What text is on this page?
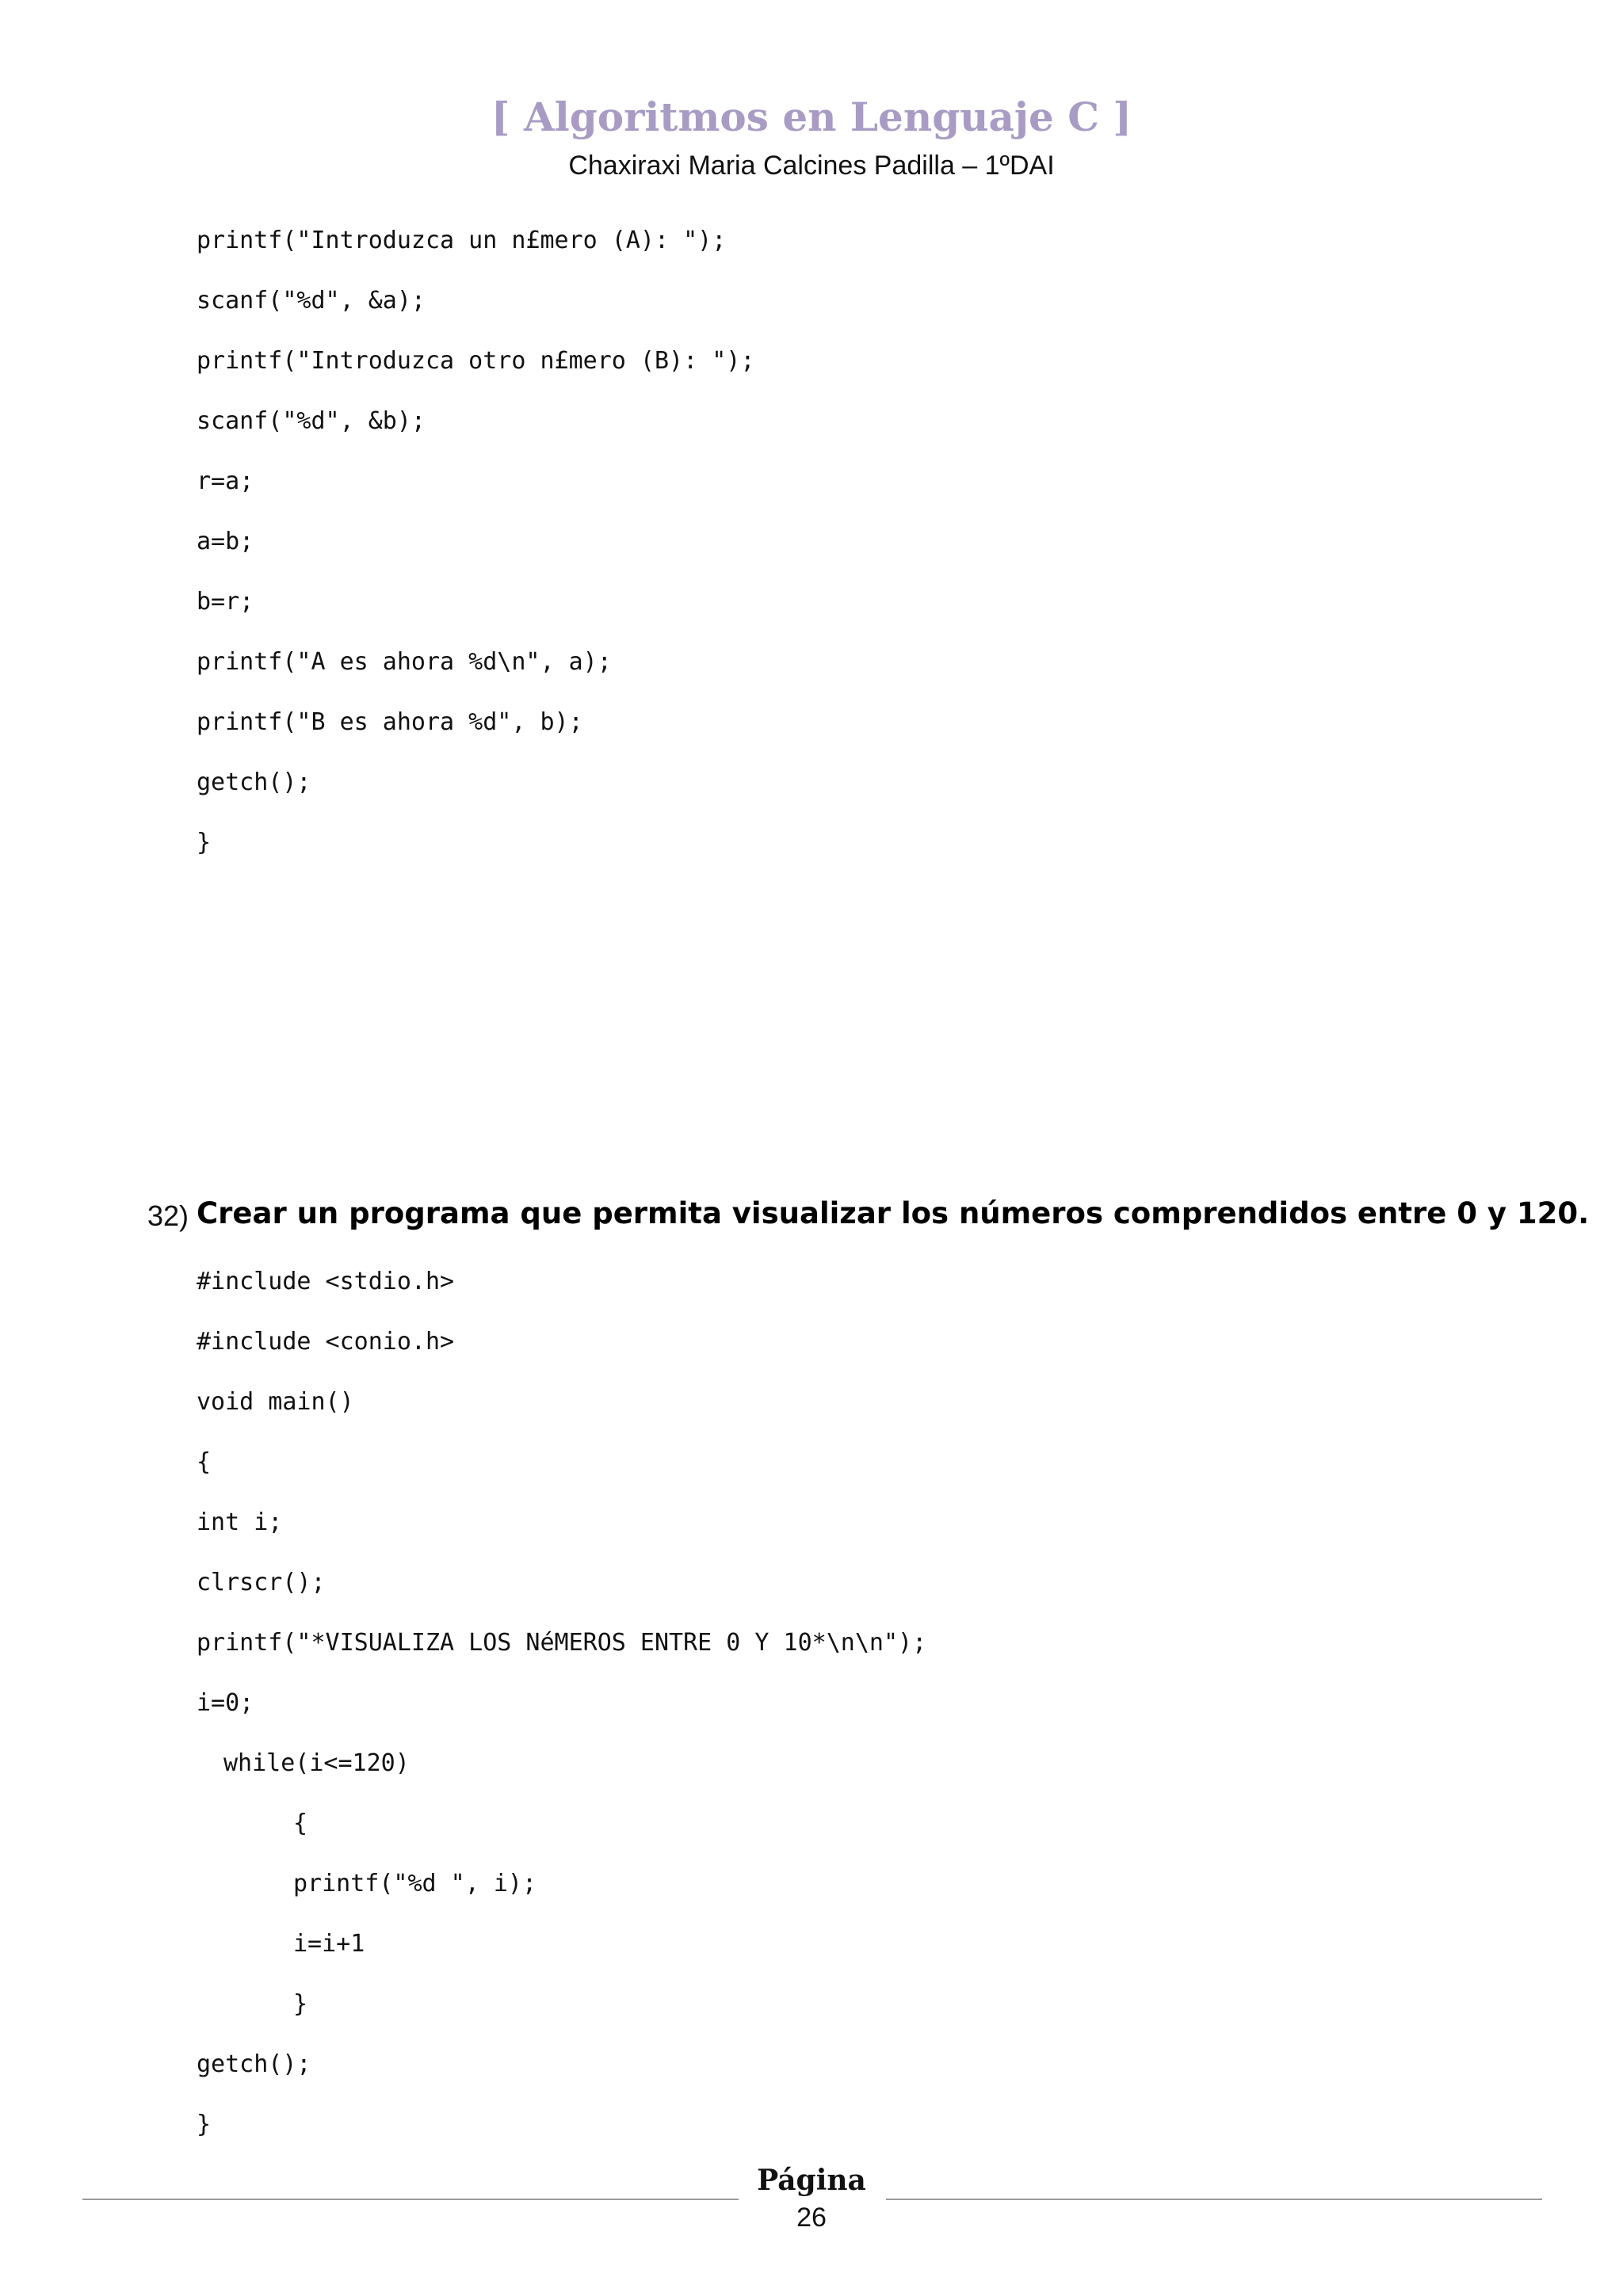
[ Algoritmos en Lenguaje C ]
Chaxiraxi Maria Calcines Padilla – 1ºDAI
printf("Introduzca un n£mero (A): ");
scanf("%d", &a);
printf("Introduzca otro n£mero (B): ");
scanf("%d", &b);
r=a;
a=b;
b=r;
printf("A es ahora %d\n", a);
printf("B es ahora %d", b);
getch();
}
32) Crear un programa que permita visualizar los números comprendidos entre 0 y 120.
#include <stdio.h>
#include <conio.h>
void main()
{
int i;
clrscr();
printf("*VISUALIZA LOS NéMEROS ENTRE 0 Y 10*\n\n");
i=0;
while(i<=120)
{
printf("%d ", i);
i=i+1
}
getch();
}
Página
26
